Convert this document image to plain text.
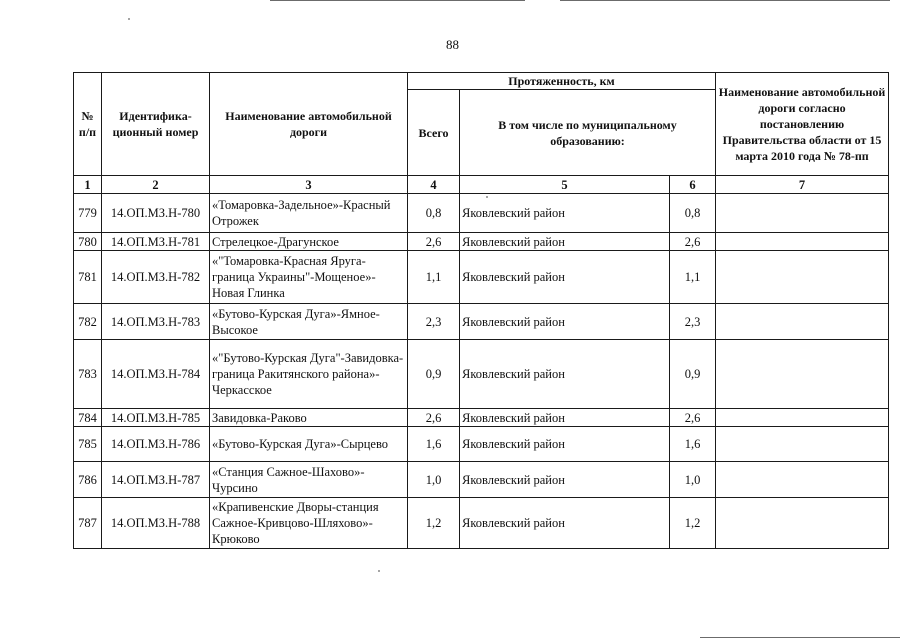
88
№ п/п	Идентифика-ционный номер	Наименование автомобильной дороги	Протяженность, км			Наименование автомобильной дороги согласно постановлению Правительства области от 15 марта 2010 года № 78-пп
			Всего	В том числе по муниципальному образованию:		
1	2	3	4	5	6	7
779	14.ОП.МЗ.Н-780	«Томаровка-Задельное»-Красный Отрожек	0,8	Яковлевский район	0,8	
780	14.ОП.МЗ.Н-781	Стрелецкое-Драгунское	2,6	Яковлевский район	2,6	
781	14.ОП.МЗ.Н-782	«"Томаровка-Красная Яруга-граница Украины"-Мощеное»-Новая Глинка	1,1	Яковлевский район	1,1	
782	14.ОП.МЗ.Н-783	«Бутово-Курская Дуга»-Ямное-Высокое	2,3	Яковлевский район	2,3	
783	14.ОП.МЗ.Н-784	«"Бутово-Курская Дуга"-Завидовка-граница Ракитянского района»-Черкасское	0,9	Яковлевский район	0,9	
784	14.ОП.МЗ.Н-785	Завидовка-Раково	2,6	Яковлевский район	2,6	
785	14.ОП.МЗ.Н-786	«Бутово-Курская Дуга»-Сырцево	1,6	Яковлевский район	1,6	
786	14.ОП.МЗ.Н-787	«Станция Сажное-Шахово»-Чурсино	1,0	Яковлевский район	1,0	
787	14.ОП.МЗ.Н-788	«Крапивенские Дворы-станция Сажное-Кривцово-Шляхово»-Крюково	1,2	Яковлевский район	1,2	
